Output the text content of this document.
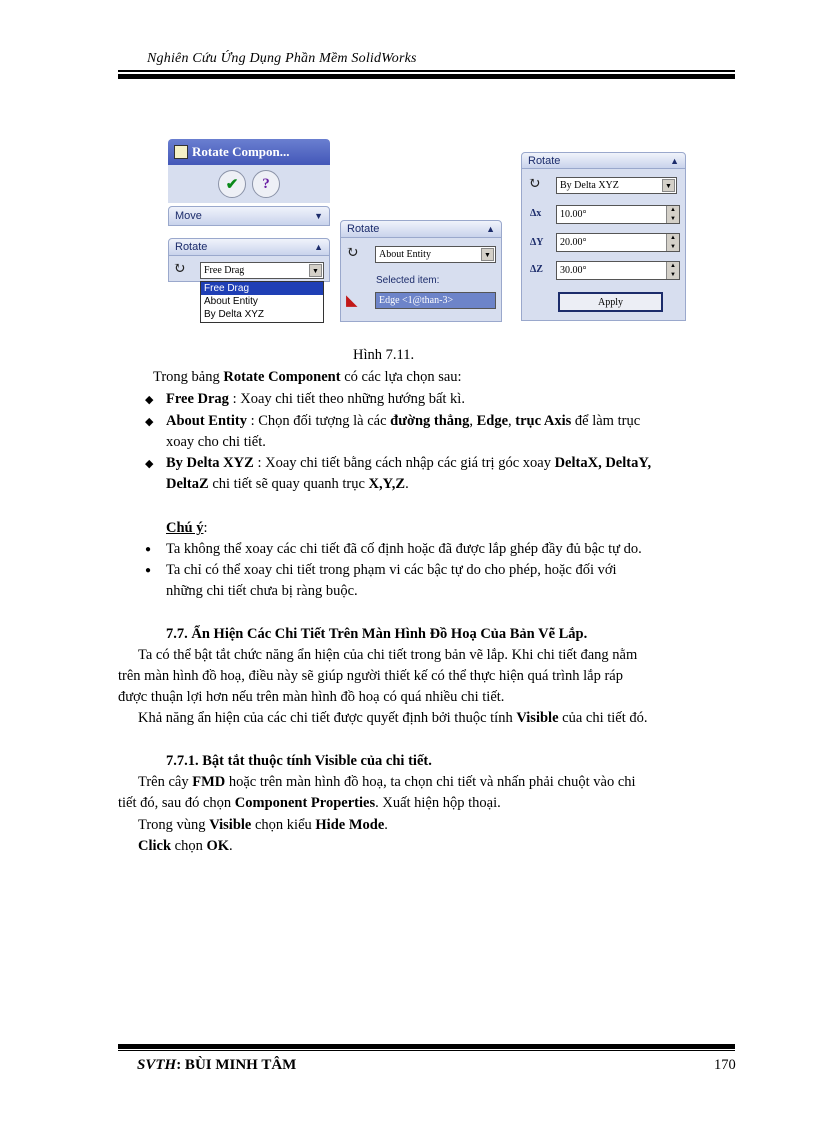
Nghiên Cứu Ứng Dụng Phần Mềm SolidWorks
Rotate Compon...
✔	?
Move	▼
Rotate	▲
↻ Free Drag	▼
Free Drag
About Entity
By Delta XYZ
Rotate	▲
↻ About Entity	▼
Selected item:
◣ Edge <1@than-3>
Rotate	▲
↻ By Delta XYZ	▼
Δx 10.00°	▲
▼
ΔY 20.00°	▲
▼
ΔZ 30.00°	▲
▼
Apply
Hình 7.11.
Trong bảng Rotate Component có các lựa chọn sau:
◆ Free Drag : Xoay chi tiết theo những hướng bất kì.
◆ About Entity : Chọn đối tượng là các đường thẳng, Edge, trục Axis để làm trục
xoay cho chi tiết.
◆ By Delta XYZ : Xoay chi tiết bằng cách nhập các giá trị góc xoay DeltaX, DeltaY,
DeltaZ chi tiết sẽ quay quanh trục X,Y,Z.
Chú ý:
● Ta không thể xoay các chi tiết đã cố định hoặc đã được lắp ghép đầy đủ bậc tự do.
● Ta chỉ có thể xoay chi tiết trong phạm vi các bậc tự do cho phép, hoặc đối với
những chi tiết chưa bị ràng buộc.
7.7. Ẩn Hiện Các Chi Tiết Trên Màn Hình Đồ Hoạ Của Bản Vẽ Lắp.
Ta có thể bật tắt chức năng ẩn hiện của chi tiết trong bản vẽ lắp. Khi chi tiết đang nằm
trên màn hình đồ hoạ, điều này sẽ giúp người thiết kế có thể thực hiện quá trình lắp ráp
được thuận lợi hơn nếu trên màn hình đồ hoạ có quá nhiều chi tiết.
Khả năng ẩn hiện của các chi tiết được quyết định bởi thuộc tính Visible của chi tiết đó.
7.7.1. Bật tắt thuộc tính Visible của chi tiết.
Trên cây FMD hoặc trên màn hình đồ hoạ, ta chọn chi tiết và nhấn phải chuột vào chi
tiết đó, sau đó chọn Component Properties. Xuất hiện hộp thoại.
Trong vùng Visible chọn kiểu Hide Mode.
Click chọn OK.
SVTH: BÙI MINH TÂM	170
